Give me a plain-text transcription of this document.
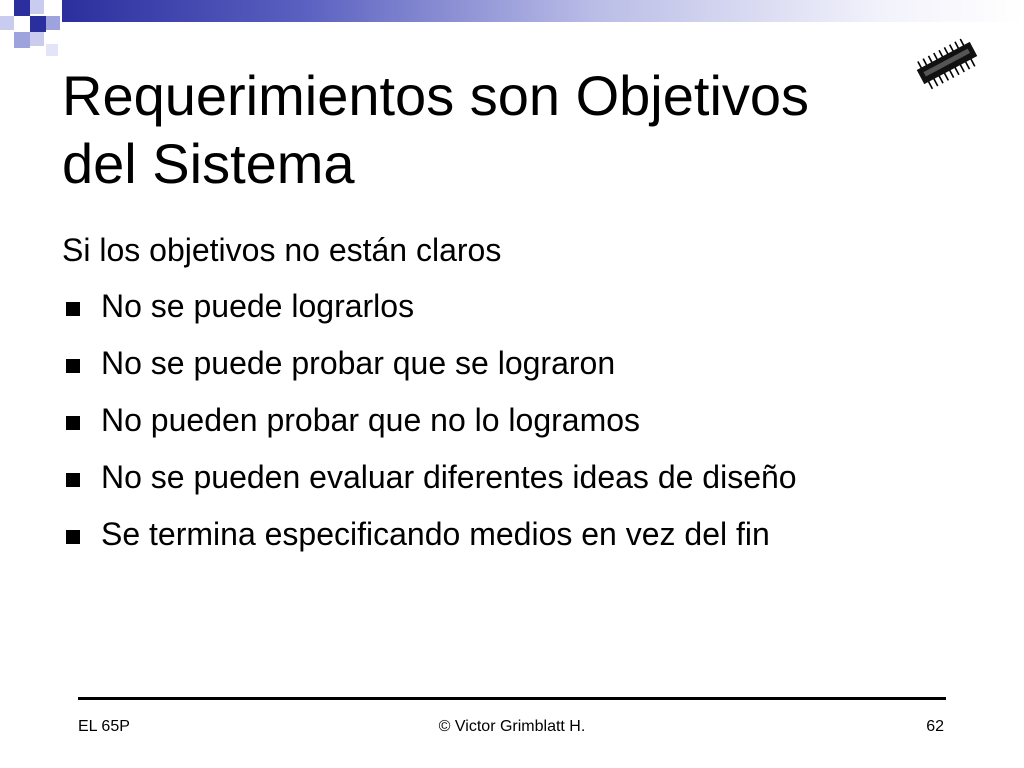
Requerimientos son Objetivos
del Sistema

Si los objetivos no están claros

No se puede lograrlos
No se puede probar que se lograron
No pueden probar que no lo logramos
No se pueden evaluar diferentes ideas de diseño
Se termina especificando medios en vez del fin
EL 65P	© Victor Grimblatt H.	62
